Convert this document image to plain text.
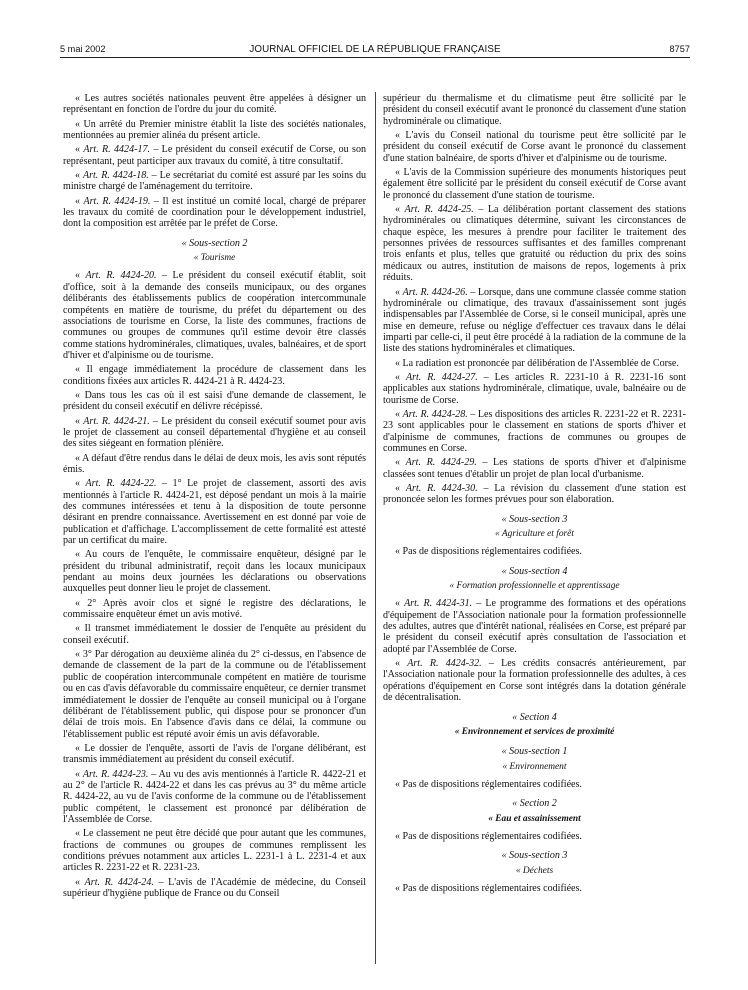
5 mai 2002	JOURNAL OFFICIEL DE LA RÉPUBLIQUE FRANÇAISE	8757

« Les autres sociétés nationales peuvent être appelées à désigner un représentant en fonction de l'ordre du jour du comité.

« Un arrêté du Premier ministre établit la liste des sociétés nationales, mentionnées au premier alinéa du présent article.

« Art. R. 4424-17. – Le président du conseil exécutif de Corse, ou son représentant, peut participer aux travaux du comité, à titre consultatif.

« Art. R. 4424-18. – Le secrétariat du comité est assuré par les soins du ministre chargé de l'aménagement du territoire.

« Art. R. 4424-19. – Il est institué un comité local, chargé de préparer les travaux du comité de coordination pour le développement industriel, dont la composition est arrêtée par le préfet de Corse.

« Sous-section 2

« Tourisme

« Art. R. 4424-20. – Le président du conseil exécutif établit, soit d'office, soit à la demande des conseils municipaux, ou des organes délibérants des établissements publics de coopération intercommunale compétents en matière de tourisme, du préfet du département ou des associations de tourisme en Corse, la liste des communes, fractions de communes ou groupes de communes qu'il estime devoir être classés comme stations hydrominérales, climatiques, uvales, balnéaires, et de sport d'hiver et d'alpinisme ou de tourisme.

« Il engage immédiatement la procédure de classement dans les conditions fixées aux articles R. 4424-21 à R. 4424-23.

« Dans tous les cas où il est saisi d'une demande de classement, le président du conseil exécutif en délivre récépissé.

« Art. R. 4424-21. – Le président du conseil exécutif soumet pour avis le projet de classement au conseil départemental d'hygiène et au conseil des sites siégeant en formation plénière.

« A défaut d'être rendus dans le délai de deux mois, les avis sont réputés émis.

« Art. R. 4424-22. – 1° Le projet de classement, assorti des avis mentionnés à l'article R. 4424-21, est déposé pendant un mois à la mairie des communes intéressées et tenu à la disposition de toute personne désirant en prendre connaissance. Avertissement en est donné par voie de publication et d'affichage. L'accomplissement de cette formalité est attesté par un certificat du maire.

« Au cours de l'enquête, le commissaire enquêteur, désigné par le président du tribunal administratif, reçoit dans les locaux municipaux pendant au moins deux journées les déclarations ou observations auxquelles peut donner lieu le projet de classement.

« 2° Après avoir clos et signé le registre des déclarations, le commissaire enquêteur émet un avis motivé.

« Il transmet immédiatement le dossier de l'enquête au président du conseil exécutif.

« 3° Par dérogation au deuxième alinéa du 2° ci-dessus, en l'absence de demande de classement de la part de la commune ou de l'établissement public de coopération intercommunale compétent en matière de tourisme ou en cas d'avis défavorable du commissaire enquêteur, ce dernier transmet immédiatement le dossier de l'enquête au conseil municipal ou à l'organe délibérant de l'établissement public, qui dispose pour se prononcer d'un délai de trois mois. En l'absence d'avis dans ce délai, la commune ou l'établissement public est réputé avoir émis un avis défavorable.

« Le dossier de l'enquête, assorti de l'avis de l'organe délibérant, est transmis immédiatement au président du conseil exécutif.

« Art. R. 4424-23. – Au vu des avis mentionnés à l'article R. 4422-21 et au 2° de l'article R. 4424-22 et dans les cas prévus au 3° du même article R. 4424-22, au vu de l'avis conforme de la commune ou de l'établissement public compétent, le classement est prononcé par délibération de l'Assemblée de Corse.

« Le classement ne peut être décidé que pour autant que les communes, fractions de communes ou groupes de communes remplissent les conditions prévues notamment aux articles L. 2231-1 à L. 2231-4 et aux articles R. 2231-22 et R. 2231-23.

« Art. R. 4424-24. – L'avis de l'Académie de médecine, du Conseil supérieur d'hygiène publique de France ou du Conseil

supérieur du thermalisme et du climatisme peut être sollicité par le président du conseil exécutif avant le prononcé du classement d'une station hydrominérale ou climatique.

« L'avis du Conseil national du tourisme peut être sollicité par le président du conseil exécutif de Corse avant le prononcé du classement d'une station balnéaire, de sports d'hiver et d'alpinisme ou de tourisme.

« L'avis de la Commission supérieure des monuments historiques peut également être sollicité par le président du conseil exécutif de Corse avant le prononcé du classement d'une station de tourisme.

« Art. R. 4424-25. – La délibération portant classement des stations hydrominérales ou climatiques détermine, suivant les circonstances de chaque espèce, les mesures à prendre pour faciliter le traitement des personnes privées de ressources suffisantes et des familles comprenant trois enfants et plus, telles que gratuité ou réduction du prix des soins médicaux ou autres, institution de maisons de repos, logements à prix réduits.

« Art. R. 4424-26. – Lorsque, dans une commune classée comme station hydrominérale ou climatique, des travaux d'assainissement sont jugés indispensables par l'Assemblée de Corse, si le conseil municipal, après une mise en demeure, refuse ou néglige d'effectuer ces travaux dans le délai imparti par celle-ci, il peut être procédé à la radiation de la commune de la liste des stations hydrominérales et climatiques.

« La radiation est prononcée par délibération de l'Assemblée de Corse.

« Art. R. 4424-27. – Les articles R. 2231-10 à R. 2231-16 sont applicables aux stations hydrominérale, climatique, uvale, balnéaire ou de tourisme de Corse.

« Art. R. 4424-28. – Les dispositions des articles R. 2231-22 et R. 2231-23 sont applicables pour le classement en stations de sports d'hiver et d'alpinisme de communes, fractions de communes ou groupes de communes en Corse.

« Art. R. 4424-29. – Les stations de sports d'hiver et d'alpinisme classées sont tenues d'établir un projet de plan local d'urbanisme.

« Art. R. 4424-30. – La révision du classement d'une station est prononcée selon les formes prévues pour son élaboration.

« Sous-section 3

« Agriculture et forêt

« Pas de dispositions réglementaires codifiées.

« Sous-section 4

« Formation professionnelle et apprentissage

« Art. R. 4424-31. – Le programme des formations et des opérations d'équipement de l'Association nationale pour la formation professionnelle des adultes, autres que d'intérêt national, réalisées en Corse, est préparé par le président du conseil exécutif après consultation de l'association et adopté par l'Assemblée de Corse.

« Art. R. 4424-32. – Les crédits consacrés antérieurement, par l'Association nationale pour la formation professionnelle des adultes, à ces opérations d'équipement en Corse sont intégrés dans la dotation générale de décentralisation.

« Section 4

« Environnement et services de proximité

« Sous-section 1

« Environnement

« Pas de dispositions réglementaires codifiées.

« Section 2

« Eau et assainissement

« Pas de dispositions réglementaires codifiées.

« Sous-section 3

« Déchets

« Pas de dispositions réglementaires codifiées.
